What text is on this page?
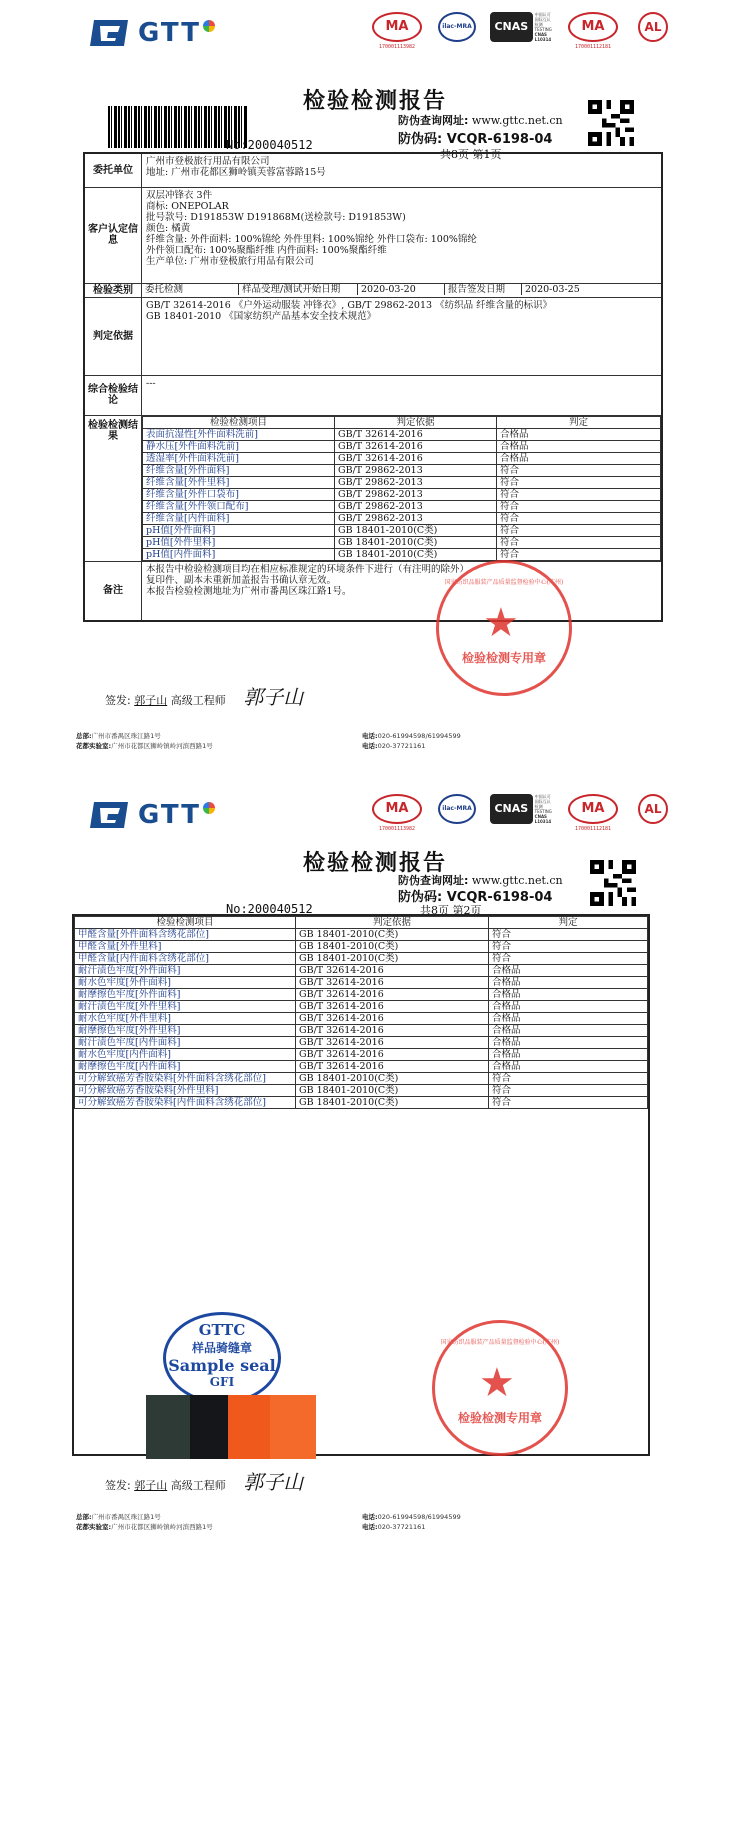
GTT	MA
170001113982
ilac-MRA	CNAS
中国认可
国际互认
检测
TESTING
CNAS L10314
MA
170001112181
AL
检验检测报告
防伪查询网址: www.gttc.net.cn
防伪码: VCQR-6198-04
共8页 第1页
No:200040512
委托单位	
广州市登极旅行用品有限公司
地址: 广州市花都区狮岭镇芙蓉富蓉路15号

客户认定信息	
双层冲锋衣 3件
商标: ONEPOLAR
批号款号: D191853W D191868M(送检款号: D191853W)
颜色: 橘黄
纤维含量: 外件面料: 100%锦纶 外件里料: 100%锦纶 外件口袋布: 100%锦纶
外件领口配布: 100%聚酯纤维 内件面料: 100%聚酯纤维
生产单位: 广州市登极旅行用品有限公司

检验类别	委托检测	样品受理/测试开始日期	2020-03-20	报告签发日期	2020-03-25

判定依据	
GB/T 32614-2016 《户外运动服装 冲锋衣》, GB/T 29862-2013 《纺织品 纤维含量的标识》
GB 18401-2010 《国家纺织产品基本安全技术规范》

综合检验结论	---
检验检测结果	
检验检测项目	判定依据	判定
表面抗湿性[外件面料洗前]	GB/T 32614-2016	合格品
静水压[外件面料洗前]	GB/T 32614-2016	合格品
透湿率[外件面料洗前]	GB/T 32614-2016	合格品
纤维含量[外件面料]	GB/T 29862-2013	符合
纤维含量[外件里料]	GB/T 29862-2013	符合
纤维含量[外件口袋布]	GB/T 29862-2013	符合
纤维含量[外件领口配布]	GB/T 29862-2013	符合
纤维含量[内件面料]	GB/T 29862-2013	符合
pH值[外件面料]	GB 18401-2010(C类)	符合
pH值[外件里料]	GB 18401-2010(C类)	符合
pH值[内件面料]	GB 18401-2010(C类)	符合

备注	
本报告中检验检测项目均在相应标准规定的环境条件下进行（有注明的除外）
复印件、副本未重新加盖报告书确认章无效。
本报告检验检测地址为广州市番禺区珠江路1号。
国家纺织品服装产品质量监督检验中心(广州)
★
检验检测专用章
签发: 郭子山 高级工程师 郭子山
总部:广州市番禺区珠江路1号
花都实验室:广州市花都区狮岭镇岭河滨西路1号
电话:020-61994598/61994599
电话:020-37721161
GTT	MA
170001113982
ilac-MRA	CNAS
中国认可
国际互认
检测
TESTING
CNAS L10314
MA
170001112181
AL
检验检测报告
防伪查询网址: www.gttc.net.cn
防伪码: VCQR-6198-04
共8页 第2页
No:200040512
检验检测项目	判定依据	判定
甲醛含量[外件面料含绣花部位]	GB 18401-2010(C类)	符合
甲醛含量[外件里料]	GB 18401-2010(C类)	符合
甲醛含量[内件面料含绣花部位]	GB 18401-2010(C类)	符合
耐汗渍色牢度[外件面料]	GB/T 32614-2016	合格品
耐水色牢度[外件面料]	GB/T 32614-2016	合格品
耐摩擦色牢度[外件面料]	GB/T 32614-2016	合格品
耐汗渍色牢度[外件里料]	GB/T 32614-2016	合格品
耐水色牢度[外件里料]	GB/T 32614-2016	合格品
耐摩擦色牢度[外件里料]	GB/T 32614-2016	合格品
耐汗渍色牢度[内件面料]	GB/T 32614-2016	合格品
耐水色牢度[内件面料]	GB/T 32614-2016	合格品
耐摩擦色牢度[内件面料]	GB/T 32614-2016	合格品
可分解致癌芳香胺染料[外件面料含绣花部位]	GB 18401-2010(C类)	符合
可分解致癌芳香胺染料[外件里料]	GB 18401-2010(C类)	符合
可分解致癌芳香胺染料[内件面料含绣花部位]	GB 18401-2010(C类)	符合
GTTC
样品骑缝章
Sample seal
GFI
国家纺织品服装产品质量监督检验中心(广州)
★
检验检测专用章
签发: 郭子山 高级工程师 郭子山
总部:广州市番禺区珠江路1号
花都实验室:广州市花都区狮岭镇岭河滨西路1号
电话:020-61994598/61994599
电话:020-37721161
